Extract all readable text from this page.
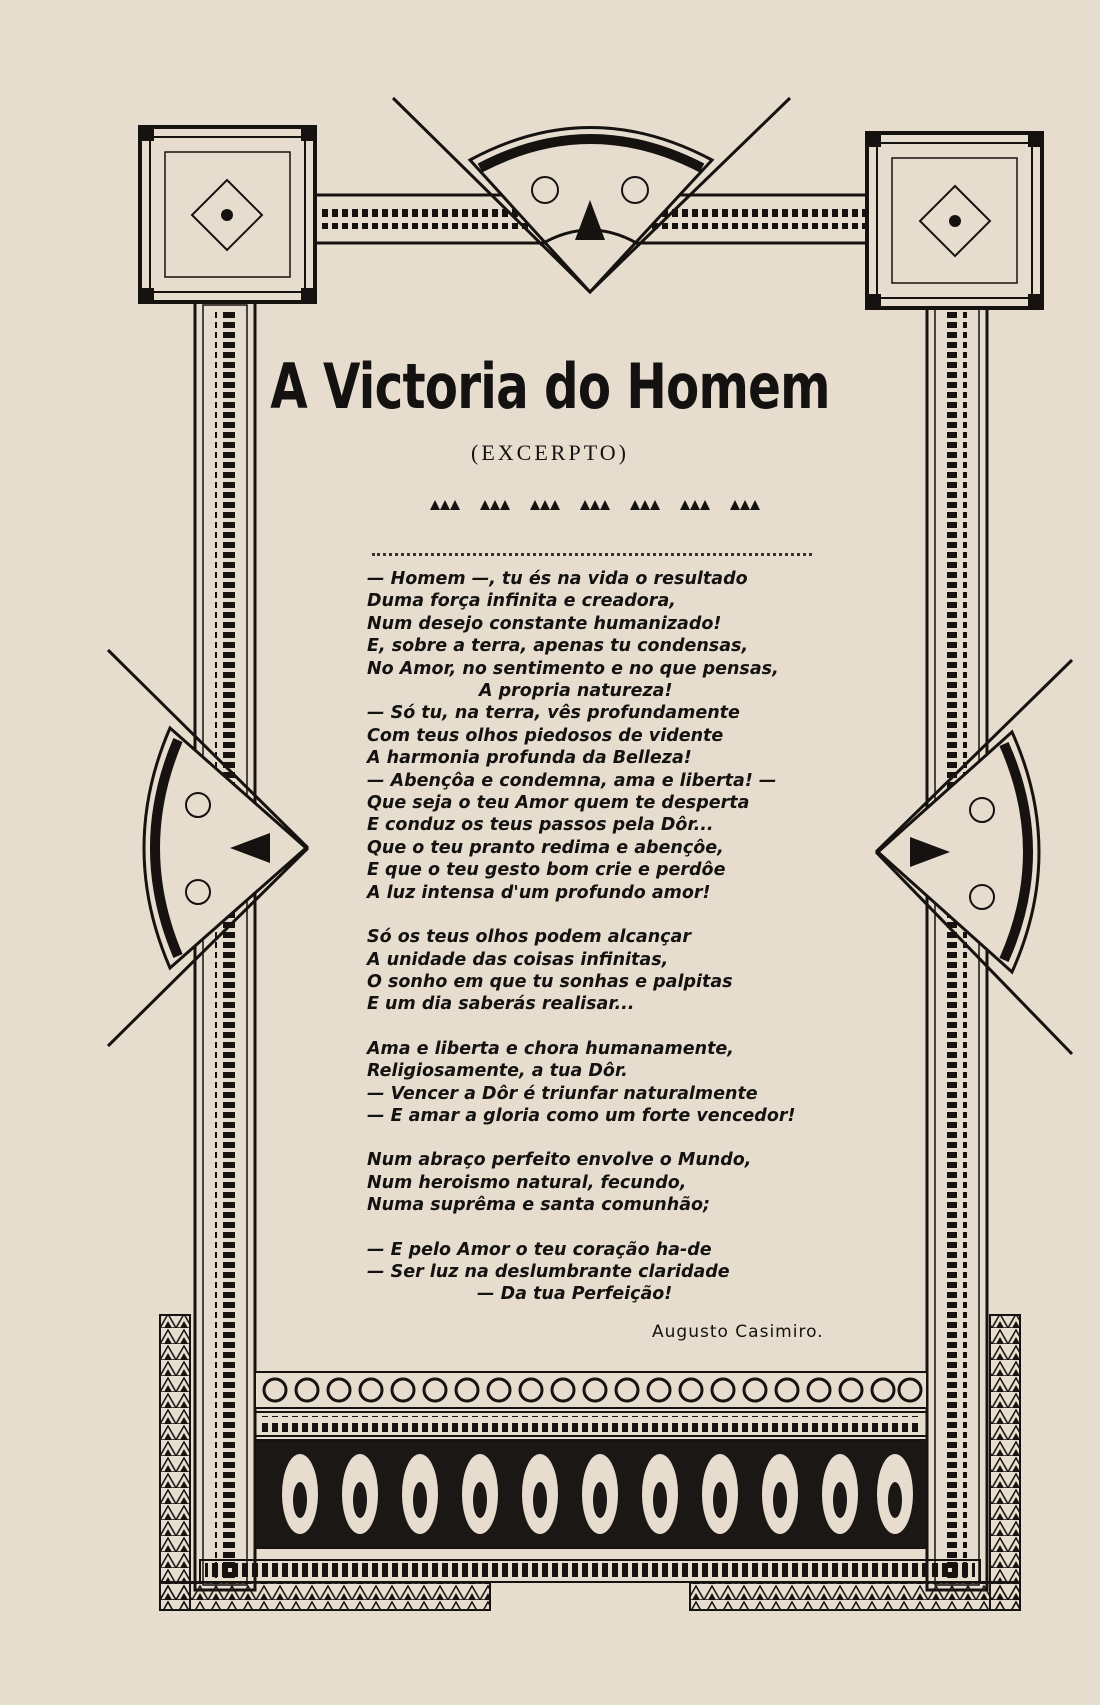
A Victoria do Homem
(EXCERPTO)
— Homem —, tu és na vida o resultado
Duma força infinita e creadora,
Num desejo constante humanizado!
E, sobre a terra, apenas tu condensas,
No Amor, no sentimento e no que pensas,
A propria natureza!
— Só tu, na terra, vês profundamente
Com teus olhos piedosos de vidente
A harmonia profunda da Belleza!
— Abençôa e condemna, ama e liberta! —
Que seja o teu Amor quem te desperta
E conduz os teus passos pela Dôr...
Que o teu pranto redima e abençôe,
E que o teu gesto bom crie e perdôe
A luz intensa d'um profundo amor!
Só os teus olhos podem alcançar
A unidade das coisas infinitas,
O sonho em que tu sonhas e palpitas
E um dia saberás realisar...
Ama e liberta e chora humanamente,
Religiosamente, a tua Dôr.
— Vencer a Dôr é triunfar naturalmente
— E amar a gloria como um forte vencedor!
Num abraço perfeito envolve o Mundo,
Num heroismo natural, fecundo,
Numa suprêma e santa comunhão;
— E pelo Amor o teu coração ha-de
— Ser luz na deslumbrante claridade
— Da tua Perfeição!
Augusto Casimiro.
